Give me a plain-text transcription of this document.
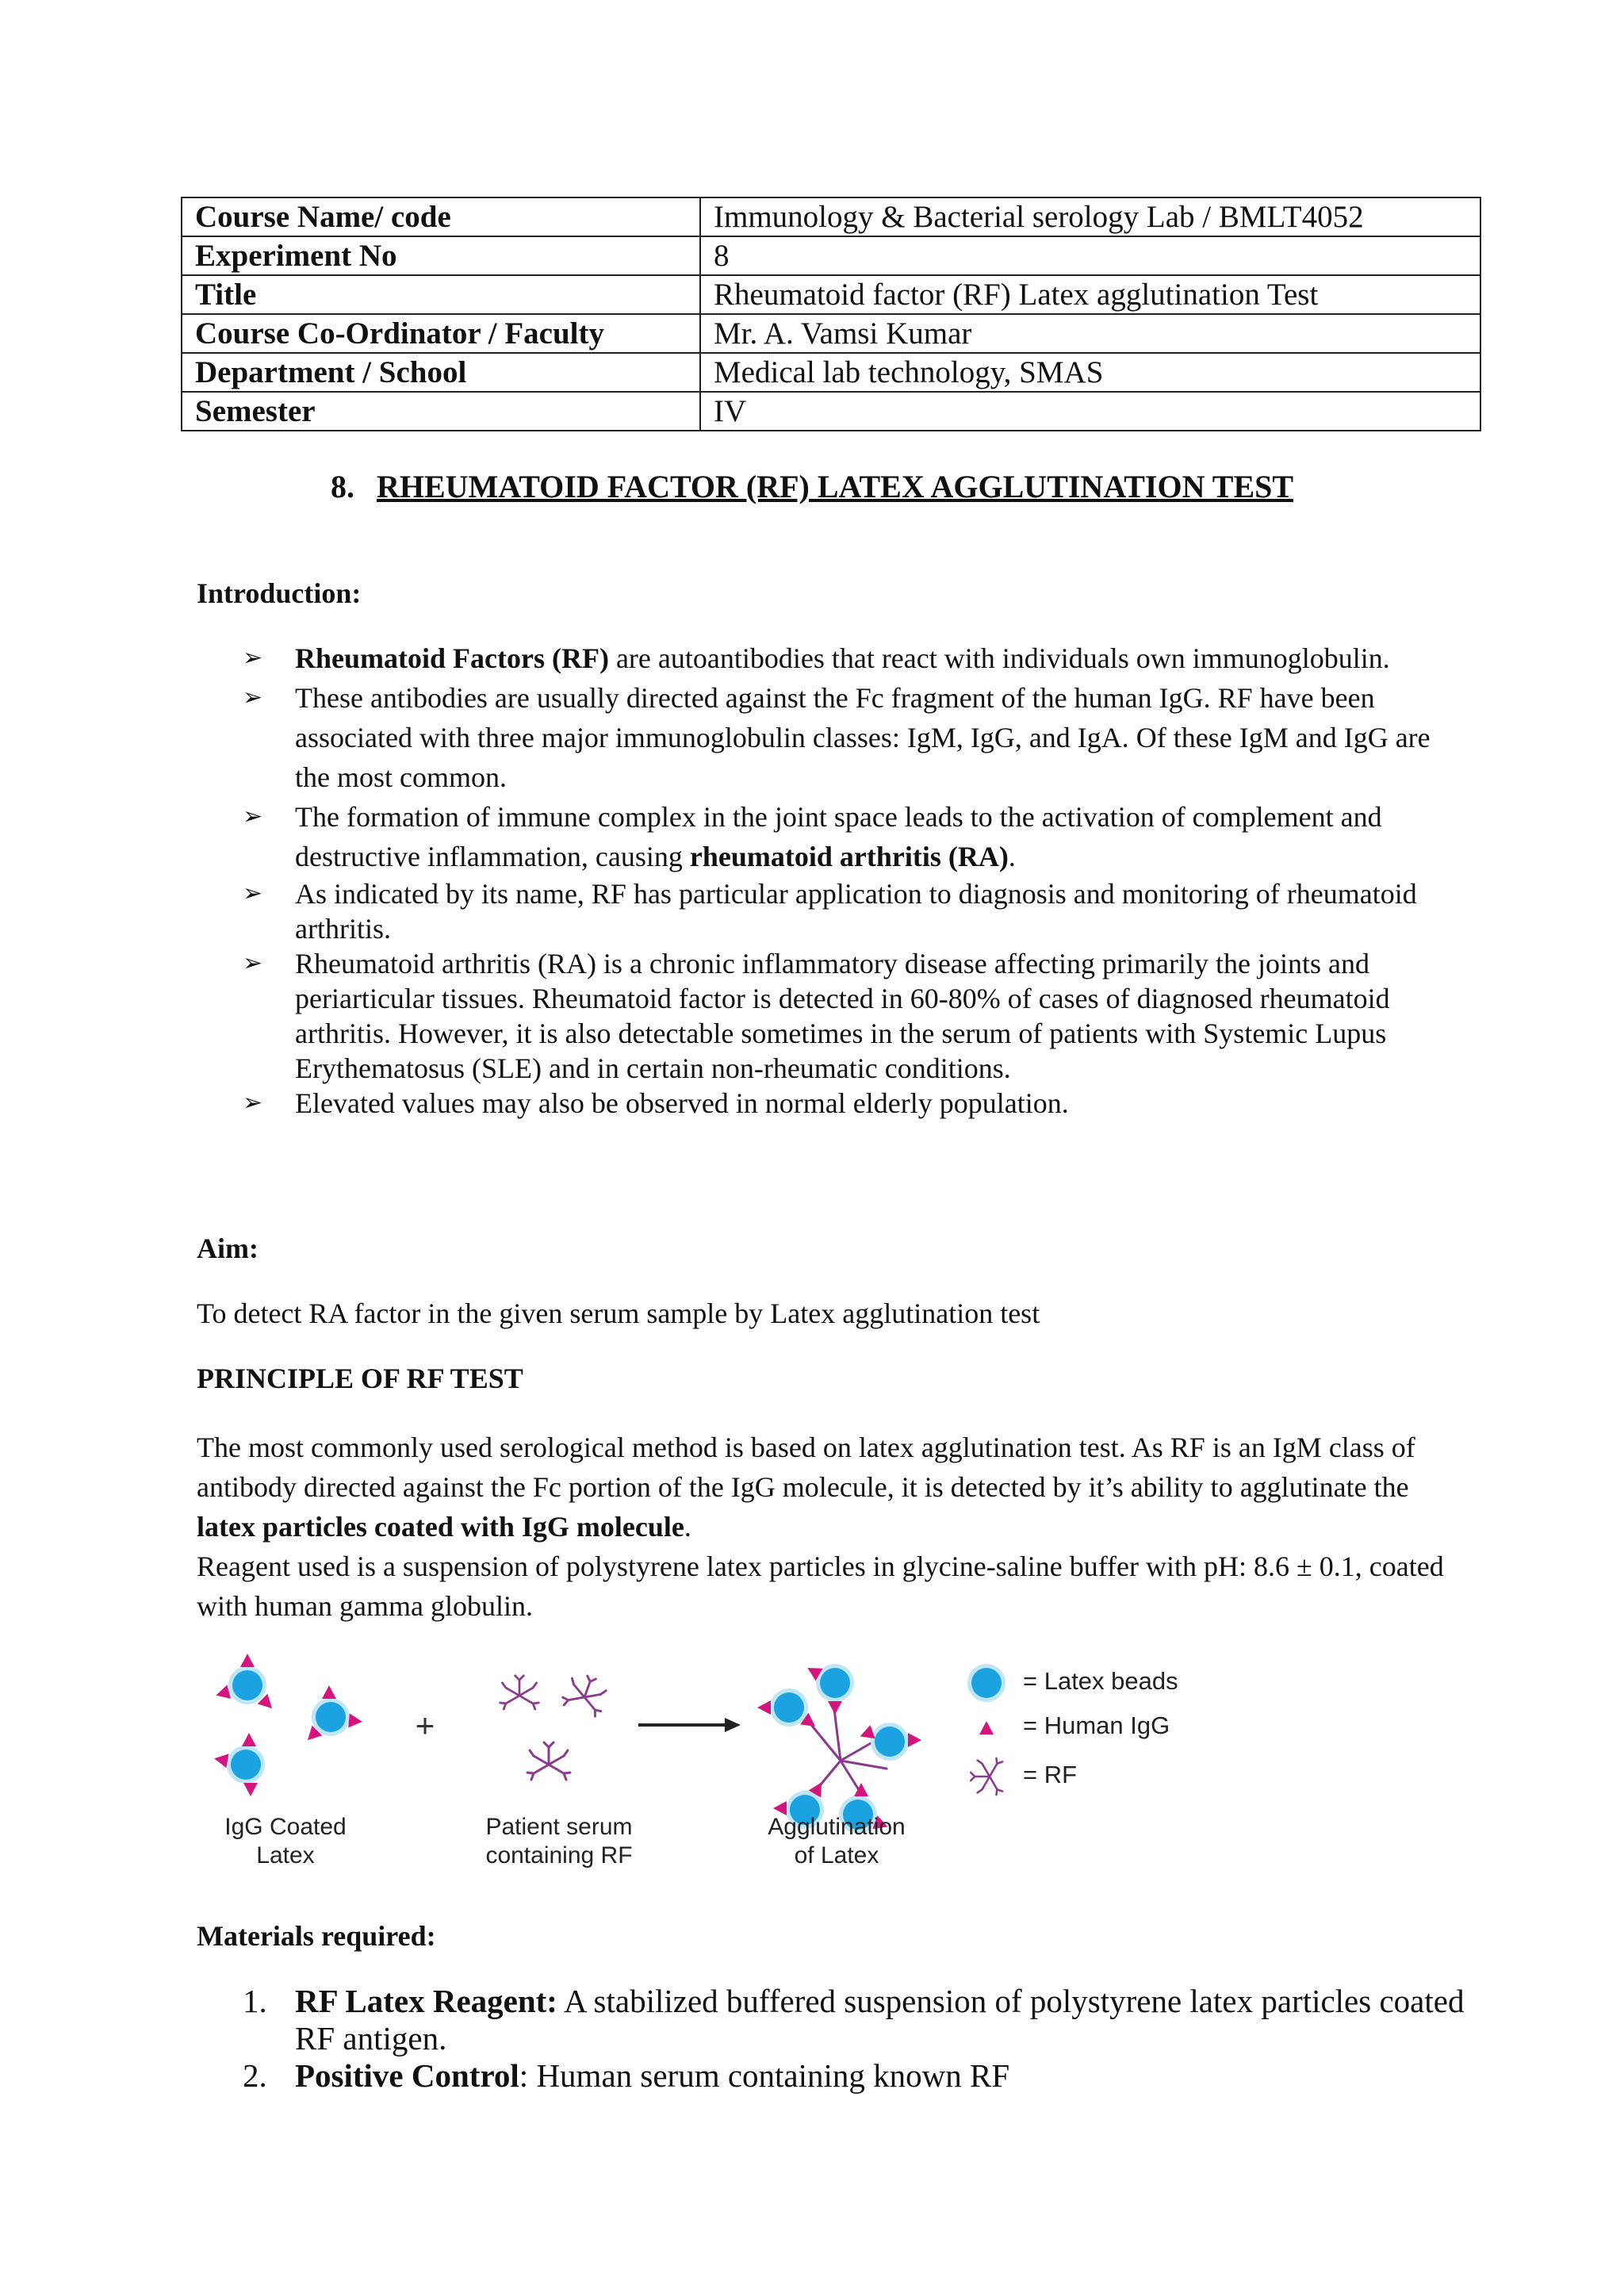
Course Name/ code	Immunology & Bacterial serology Lab / BMLT4052
Experiment No	8
Title	Rheumatoid factor (RF) Latex agglutination Test
Course Co-Ordinator / Faculty	Mr. A. Vamsi Kumar
Department / School	Medical lab technology, SMAS
Semester	IV
8. RHEUMATOID FACTOR (RF) LATEX AGGLUTINATION TEST
Introduction:

➢ Rheumatoid Factors (RF) are autoantibodies that react with individuals own immunoglobulin.

➢ These antibodies are usually directed against the Fc fragment of the human IgG. RF have been associated with three major immunoglobulin classes: IgM, IgG, and IgA. Of these IgM and IgG are the most common.

➢ The formation of immune complex in the joint space leads to the activation of complement and destructive inflammation, causing rheumatoid arthritis (RA).

➢ As indicated by its name, RF has particular application to diagnosis and monitoring of rheumatoid arthritis.

➢ Rheumatoid arthritis (RA) is a chronic inflammatory disease affecting primarily the joints and periarticular tissues. Rheumatoid factor is detected in 60-80% of cases of diagnosed rheumatoid arthritis. However, it is also detectable sometimes in the serum of patients with Systemic Lupus Erythematosus (SLE) and in certain non-rheumatic conditions.

➢ Elevated values may also be observed in normal elderly population.

Aim:
To detect RA factor in the given serum sample by Latex agglutination test
PRINCIPLE OF RF TEST
The most commonly used serological method is based on latex agglutination test. As RF is an IgM class of antibody directed against the Fc portion of the IgG molecule, it is detected by it’s ability to agglutinate the latex particles coated with IgG molecule.
Reagent used is a suspension of polystyrene latex particles in glycine-saline buffer with pH: 8.6 ± 0.1, coated with human gamma globulin.
+
= Latex beads
= Human IgG
= RF
IgG Coated
Latex
Patient serum
containing RF
Agglutination
of Latex
Materials required:
1. RF Latex Reagent: A stabilized buffered suspension of polystyrene latex particles coated RF antigen.
2. Positive Control: Human serum containing known RF
